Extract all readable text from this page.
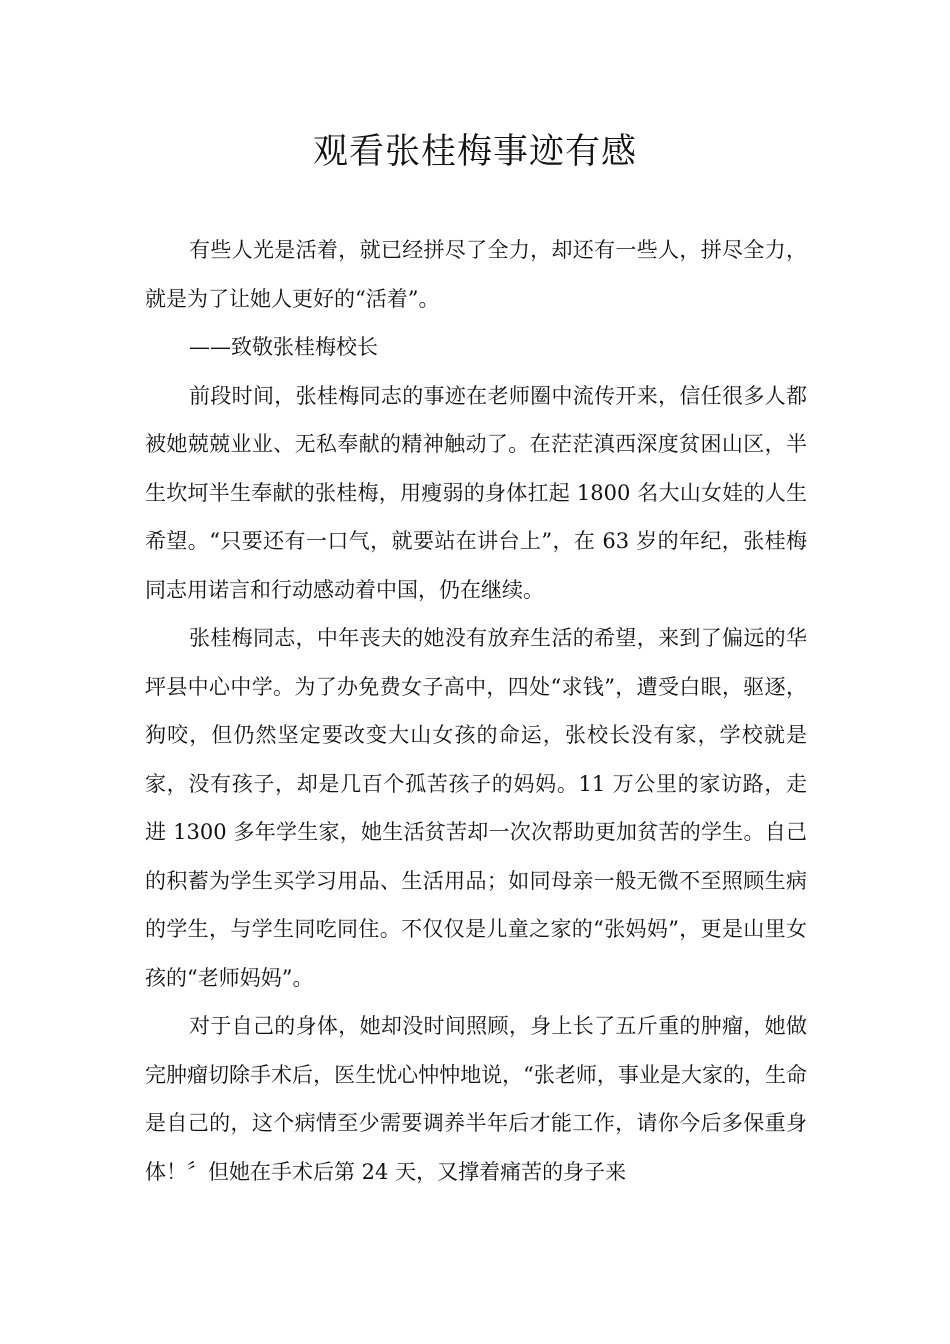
观看张桂梅事迹有感

有些人光是活着，就已经拼尽了全力，却还有一些人，拼尽全力，就是为了让她人更好的“活着”。

——致敬张桂梅校长

前段时间，张桂梅同志的事迹在老师圈中流传开来，信任很多人都被她兢兢业业、无私奉献的精神触动了。在茫茫滇西深度贫困山区，半生坎坷半生奉献的张桂梅，用瘦弱的身体扛起 1800 名大山女娃的人生希望。“只要还有一口气，就要站在讲台上”，在 63 岁的年纪，张桂梅同志用诺言和行动感动着中国，仍在继续。

张桂梅同志，中年丧夫的她没有放弃生活的希望，来到了偏远的华坪县中心中学。为了办免费女子高中，四处“求钱”，遭受白眼，驱逐，狗咬，但仍然坚定要改变大山女孩的命运，张校长没有家，学校就是家，没有孩子，却是几百个孤苦孩子的妈妈。11 万公里的家访路，走进 1300 多年学生家，她生活贫苦却一次次帮助更加贫苦的学生。自己的积蓄为学生买学习用品、生活用品；如同母亲一般无微不至照顾生病的学生，与学生同吃同住。不仅仅是儿童之家的“张妈妈”，更是山里女孩的“老师妈妈”。

对于自己的身体，她却没时间照顾，身上长了五斤重的肿瘤，她做完肿瘤切除手术后，医生忧心忡忡地说，“张老师，事业是大家的，生命是自己的，这个病情至少需要调养半年后才能工作，请你今后多保重身体！〞但她在手术后第 24 天，又撑着痛苦的身子来
